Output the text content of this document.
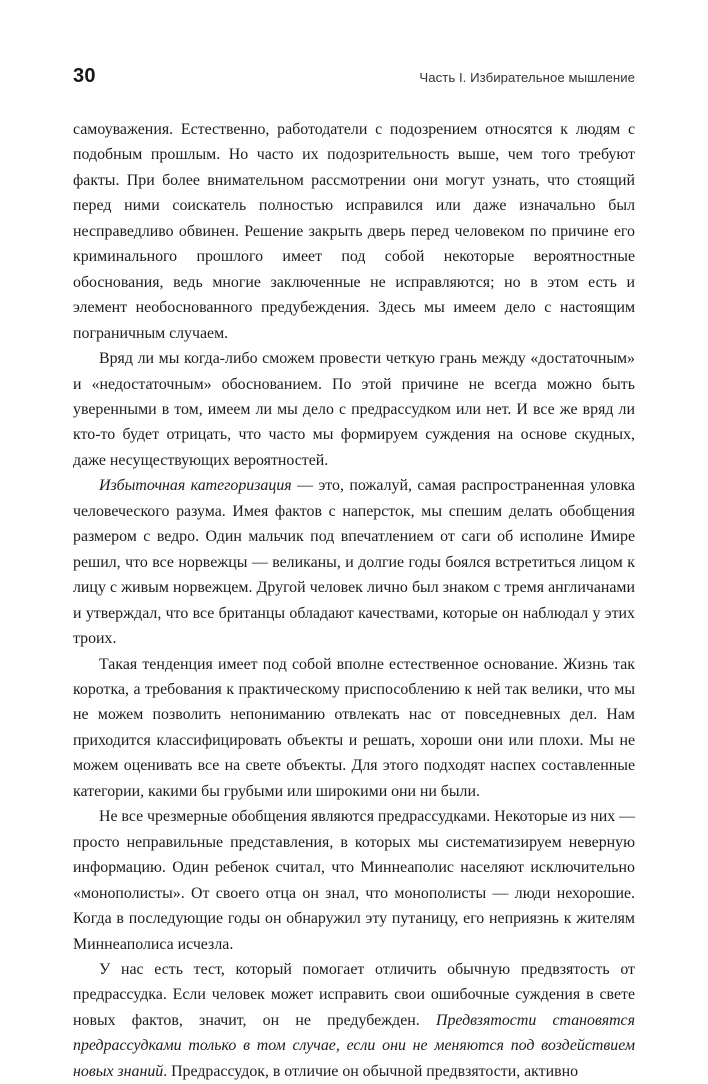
30	Часть I. Избирательное мышление

самоуважения. Естественно, работодатели с подозрением относятся к людям с подобным прошлым. Но часто их подозрительность выше, чем того требуют факты. При более внимательном рассмотрении они могут узнать, что стоящий перед ними соискатель полностью исправился или даже изначально был несправедливо обвинен. Решение закрыть дверь перед человеком по причине его криминального прошлого имеет под собой некоторые вероятностные обоснования, ведь многие заключенные не исправляются; но в этом есть и элемент необоснованного предубеждения. Здесь мы имеем дело с настоящим пограничным случаем.

Вряд ли мы когда-либо сможем провести четкую грань между «достаточным» и «недостаточным» обоснованием. По этой причине не всегда можно быть уверенными в том, имеем ли мы дело с предрассудком или нет. И все же вряд ли кто-то будет отрицать, что часто мы формируем суждения на основе скудных, даже несуществующих вероятностей.

Избыточная категоризация — это, пожалуй, самая распространенная уловка человеческого разума. Имея фактов с наперсток, мы спешим делать обобщения размером с ведро. Один мальчик под впечатлением от саги об исполине Имире решил, что все норвежцы — великаны, и долгие годы боялся встретиться лицом к лицу с живым норвежцем. Другой человек лично был знаком с тремя англичанами и утверждал, что все британцы обладают качествами, которые он наблюдал у этих троих.

Такая тенденция имеет под собой вполне естественное основание. Жизнь так коротка, а требования к практическому приспособлению к ней так велики, что мы не можем позволить непониманию отвлекать нас от повседневных дел. Нам приходится классифицировать объекты и решать, хороши они или плохи. Мы не можем оценивать все на свете объекты. Для этого подходят наспех составленные категории, какими бы грубыми или широкими они ни были.

Не все чрезмерные обобщения являются предрассудками. Некоторые из них — просто неправильные представления, в которых мы систематизируем неверную информацию. Один ребенок считал, что Миннеаполис населяют исключительно «монополисты». От своего отца он знал, что монополисты — люди нехорошие. Когда в последующие годы он обнаружил эту путаницу, его неприязнь к жителям Миннеаполиса исчезла.

У нас есть тест, который помогает отличить обычную предвзятость от предрассудка. Если человек может исправить свои ошибочные суждения в свете новых фактов, значит, он не предубежден. Предвзятости становятся предрассудками только в том случае, если они не меняются под воздействием новых знаний. Предрассудок, в отличие он обычной предвзятости, активно
